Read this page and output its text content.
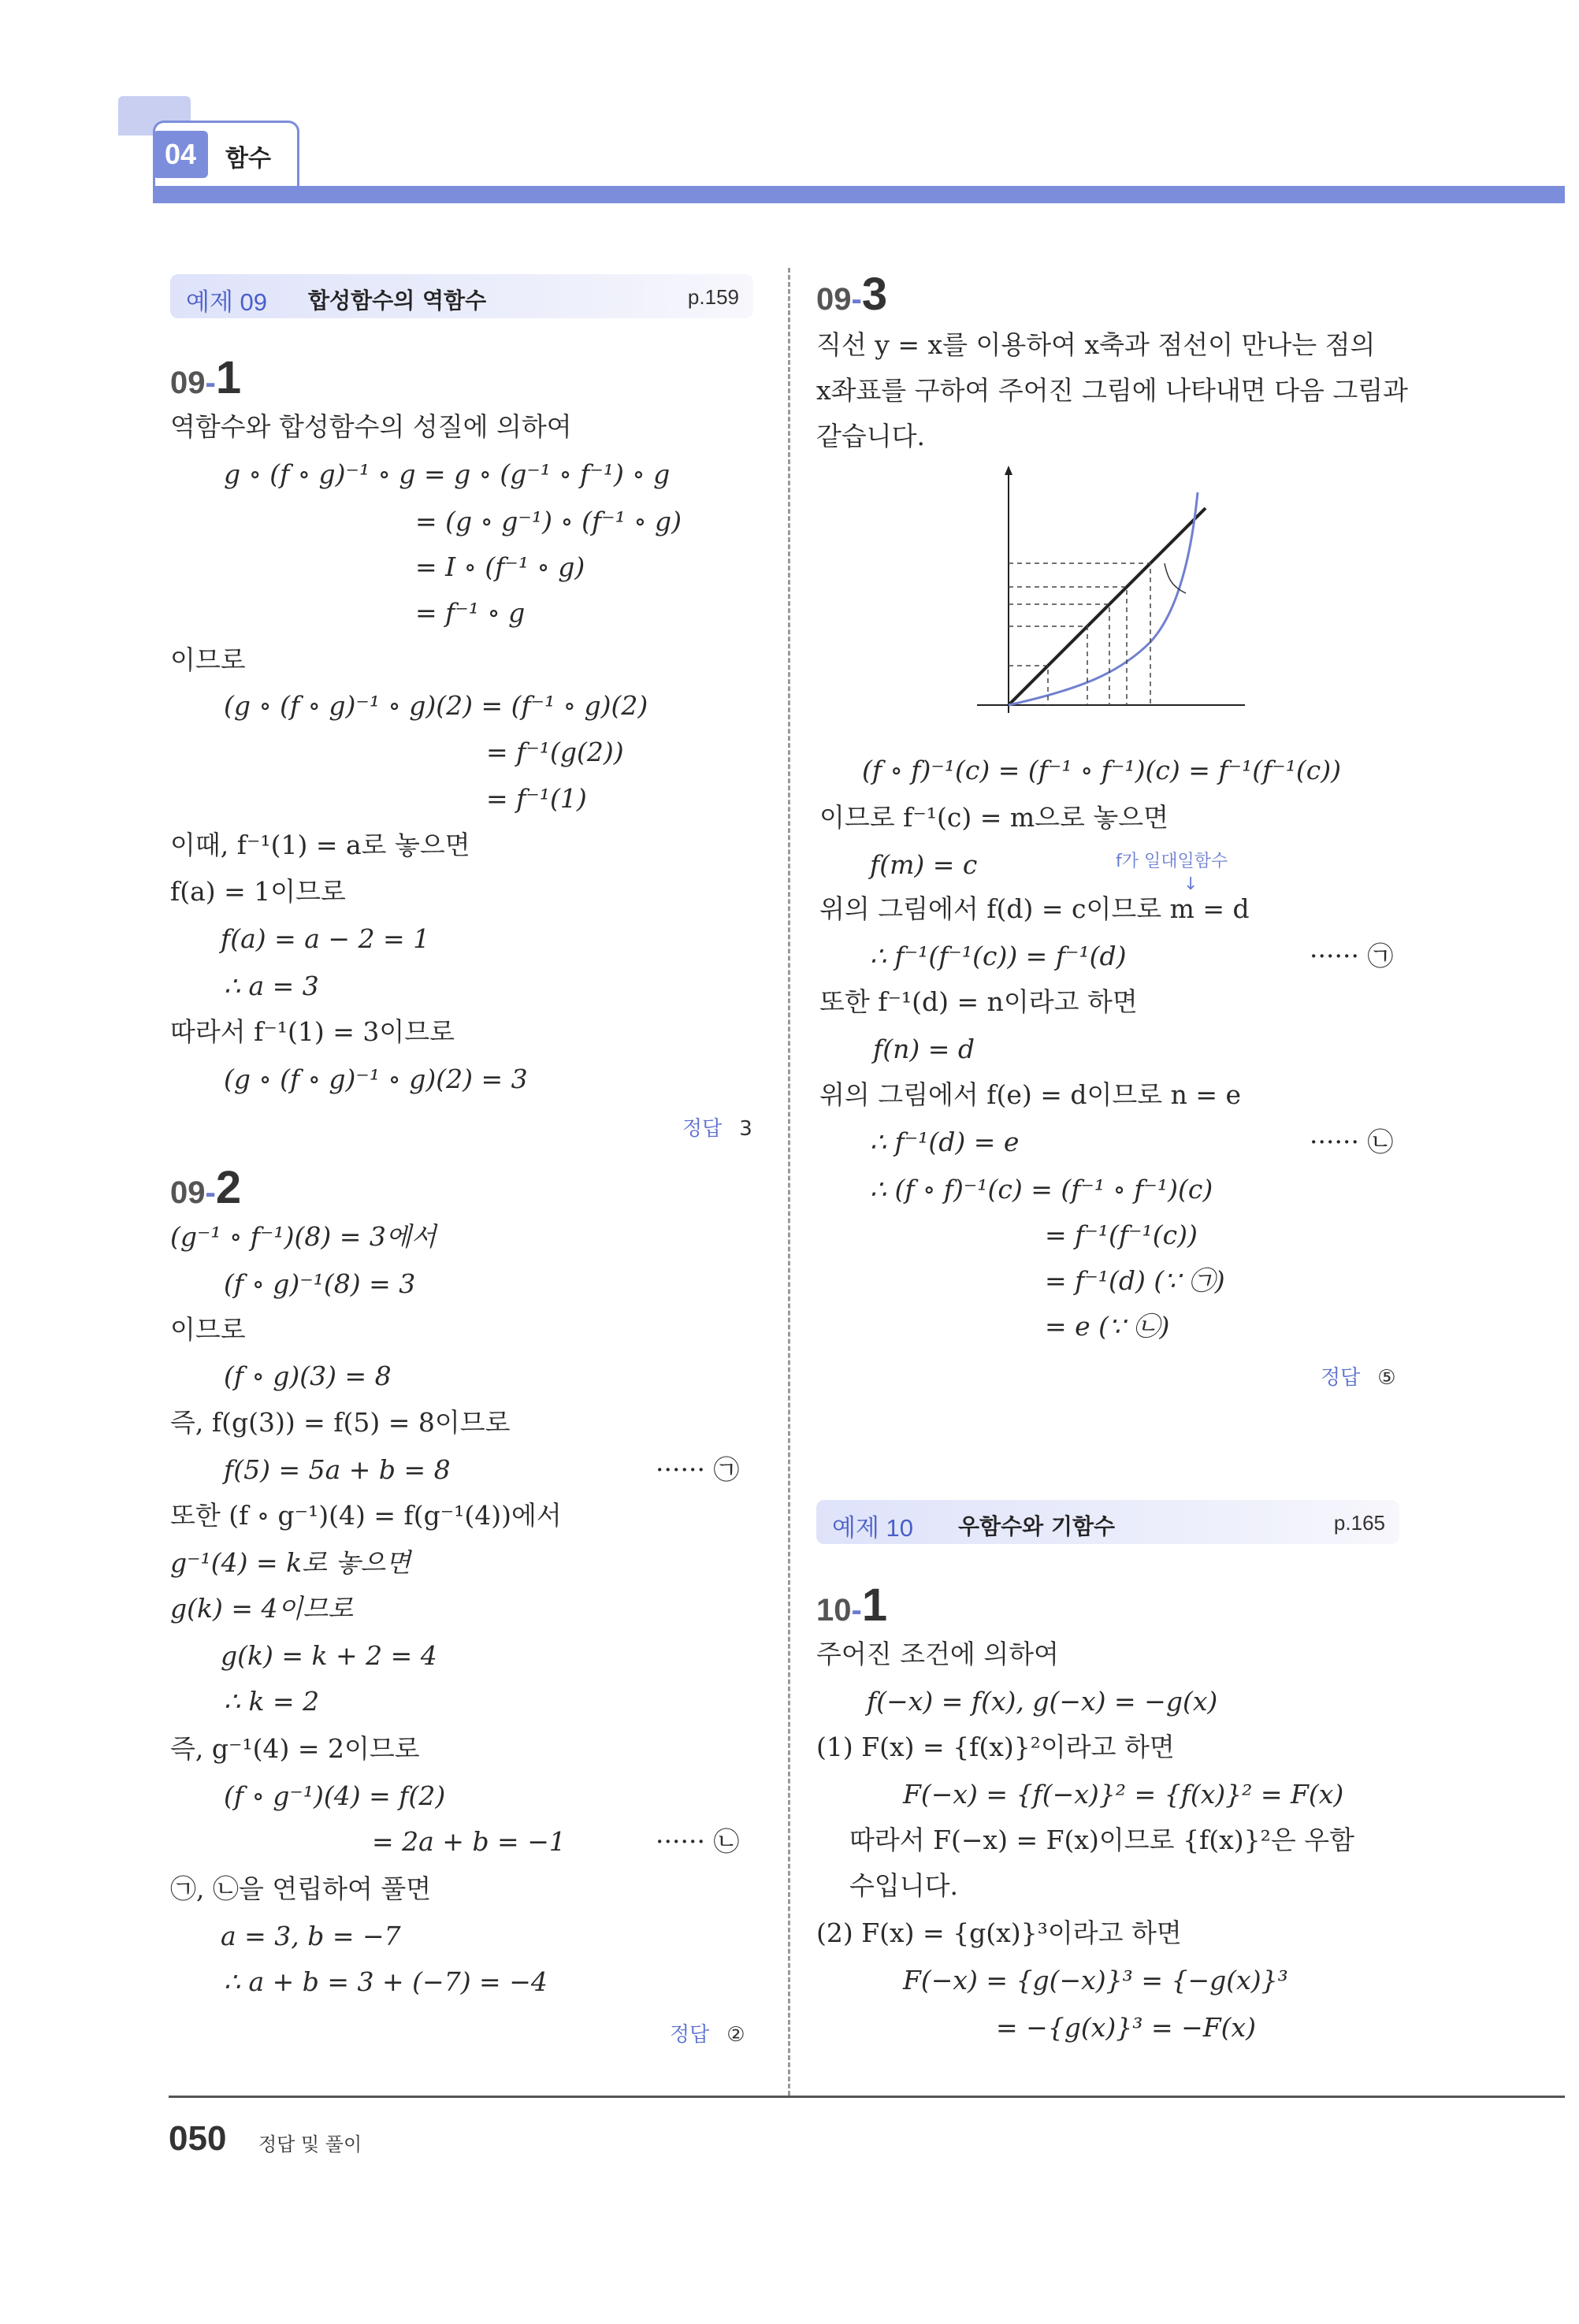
04	함수
예제 09 합성함수의 역함수	p.159
09-1
역함수와 합성함수의 성질에 의하여
g ∘ (f ∘ g)⁻¹ ∘ g = g ∘ (g⁻¹ ∘ f⁻¹) ∘ g
= (g ∘ g⁻¹) ∘ (f⁻¹ ∘ g)
= I ∘ (f⁻¹ ∘ g)
= f⁻¹ ∘ g
이므로
(g ∘ (f ∘ g)⁻¹ ∘ g)(2) = (f⁻¹ ∘ g)(2)
= f⁻¹(g(2))
= f⁻¹(1)
이때, f⁻¹(1) = a로 놓으면
f(a) = 1이므로
f(a) = a − 2 = 1
∴ a = 3
따라서 f⁻¹(1) = 3이므로
(g ∘ (f ∘ g)⁻¹ ∘ g)(2) = 3
정답 3
09-2
(g⁻¹ ∘ f⁻¹)(8) = 3에서
(f ∘ g)⁻¹(8) = 3
이므로
(f ∘ g)(3) = 8
즉, f(g(3)) = f(5) = 8이므로
f(5) = 5a + b = 8	······ ㉠
또한 (f ∘ g⁻¹)(4) = f(g⁻¹(4))에서
g⁻¹(4) = k로 놓으면
g(k) = 4이므로
g(k) = k + 2 = 4
∴ k = 2
즉, g⁻¹(4) = 2이므로
(f ∘ g⁻¹)(4) = f(2)
= 2a + b = −1	······ ㉡
㉠, ㉡을 연립하여 풀면
a = 3, b = −7
∴ a + b = 3 + (−7) = −4
정답 ②
09-3
직선 y = x를 이용하여 x축과 점선이 만나는 점의
x좌표를 구하여 주어진 그림에 나타내면 다음 그림과
같습니다.
(f ∘ f)⁻¹(c) = (f⁻¹ ∘ f⁻¹)(c) = f⁻¹(f⁻¹(c))
이므로 f⁻¹(c) = m으로 놓으면
f(m) = c	f가 일대일함수
↓
위의 그림에서 f(d) = c이므로 m = d
∴ f⁻¹(f⁻¹(c)) = f⁻¹(d)	······ ㉠
또한 f⁻¹(d) = n이라고 하면
f(n) = d
위의 그림에서 f(e) = d이므로 n = e
∴ f⁻¹(d) = e	······ ㉡
∴ (f ∘ f)⁻¹(c) = (f⁻¹ ∘ f⁻¹)(c)
= f⁻¹(f⁻¹(c))
= f⁻¹(d) (∵ ㉠)
= e (∵ ㉡)
정답 ⑤
예제 10 우함수와 기함수	p.165
10-1
주어진 조건에 의하여
f(−x) = f(x), g(−x) = −g(x)
(1) F(x) = {f(x)}²이라고 하면
F(−x) = {f(−x)}² = {f(x)}² = F(x)
따라서 F(−x) = F(x)이므로 {f(x)}²은 우함
수입니다.
(2) F(x) = {g(x)}³이라고 하면
F(−x) = {g(−x)}³ = {−g(x)}³
= −{g(x)}³ = −F(x)
050 정답 및 풀이
